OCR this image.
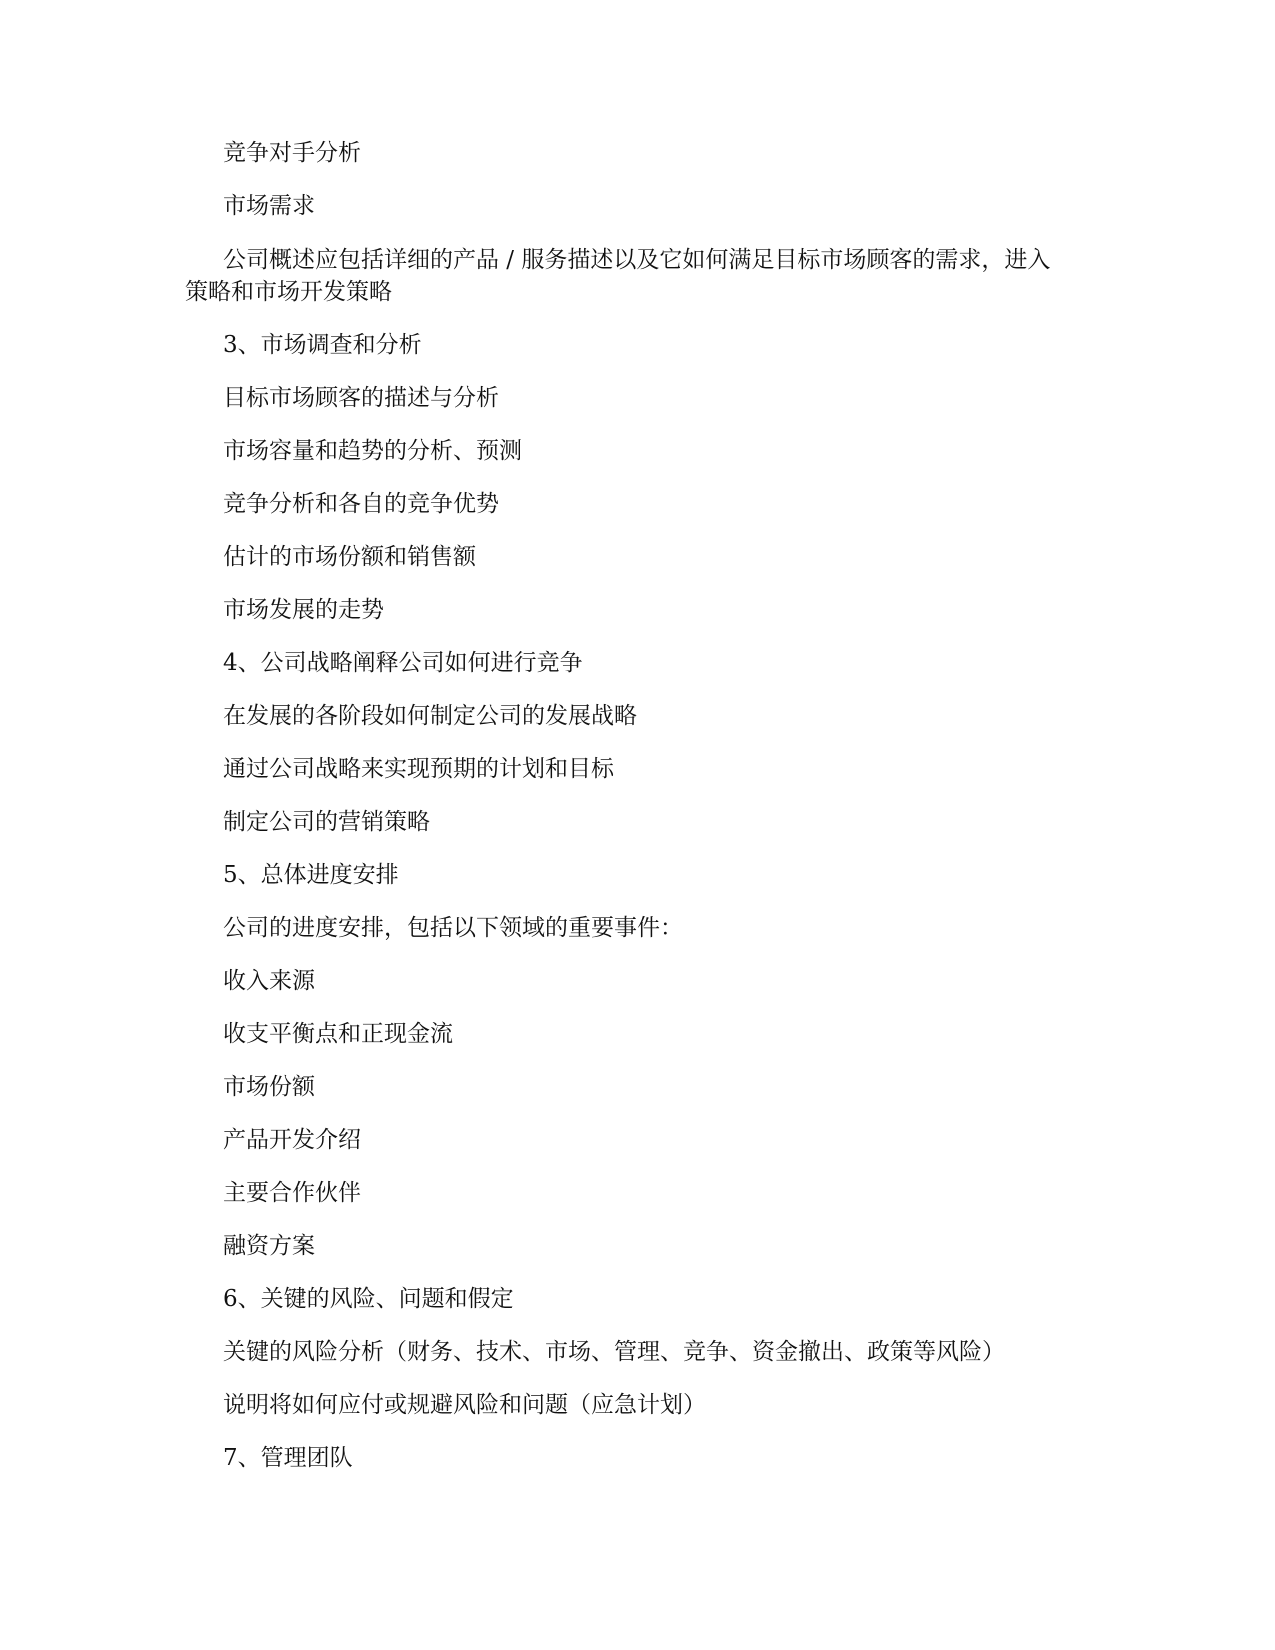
竞争对手分析

市场需求

公司概述应包括详细的产品 / 服务描述以及它如何满足目标市场顾客的需求，进入策略和市场开发策略

3、市场调查和分析

目标市场顾客的描述与分析

市场容量和趋势的分析、预测

竞争分析和各自的竞争优势

估计的市场份额和销售额

市场发展的走势

4、公司战略阐释公司如何进行竞争

在发展的各阶段如何制定公司的发展战略

通过公司战略来实现预期的计划和目标

制定公司的营销策略

5、总体进度安排

公司的进度安排，包括以下领域的重要事件：

收入来源

收支平衡点和正现金流

市场份额

产品开发介绍

主要合作伙伴

融资方案

6、关键的风险、问题和假定

关键的风险分析（财务、技术、市场、管理、竞争、资金撤出、政策等风险）

说明将如何应付或规避风险和问题（应急计划）

7、管理团队
